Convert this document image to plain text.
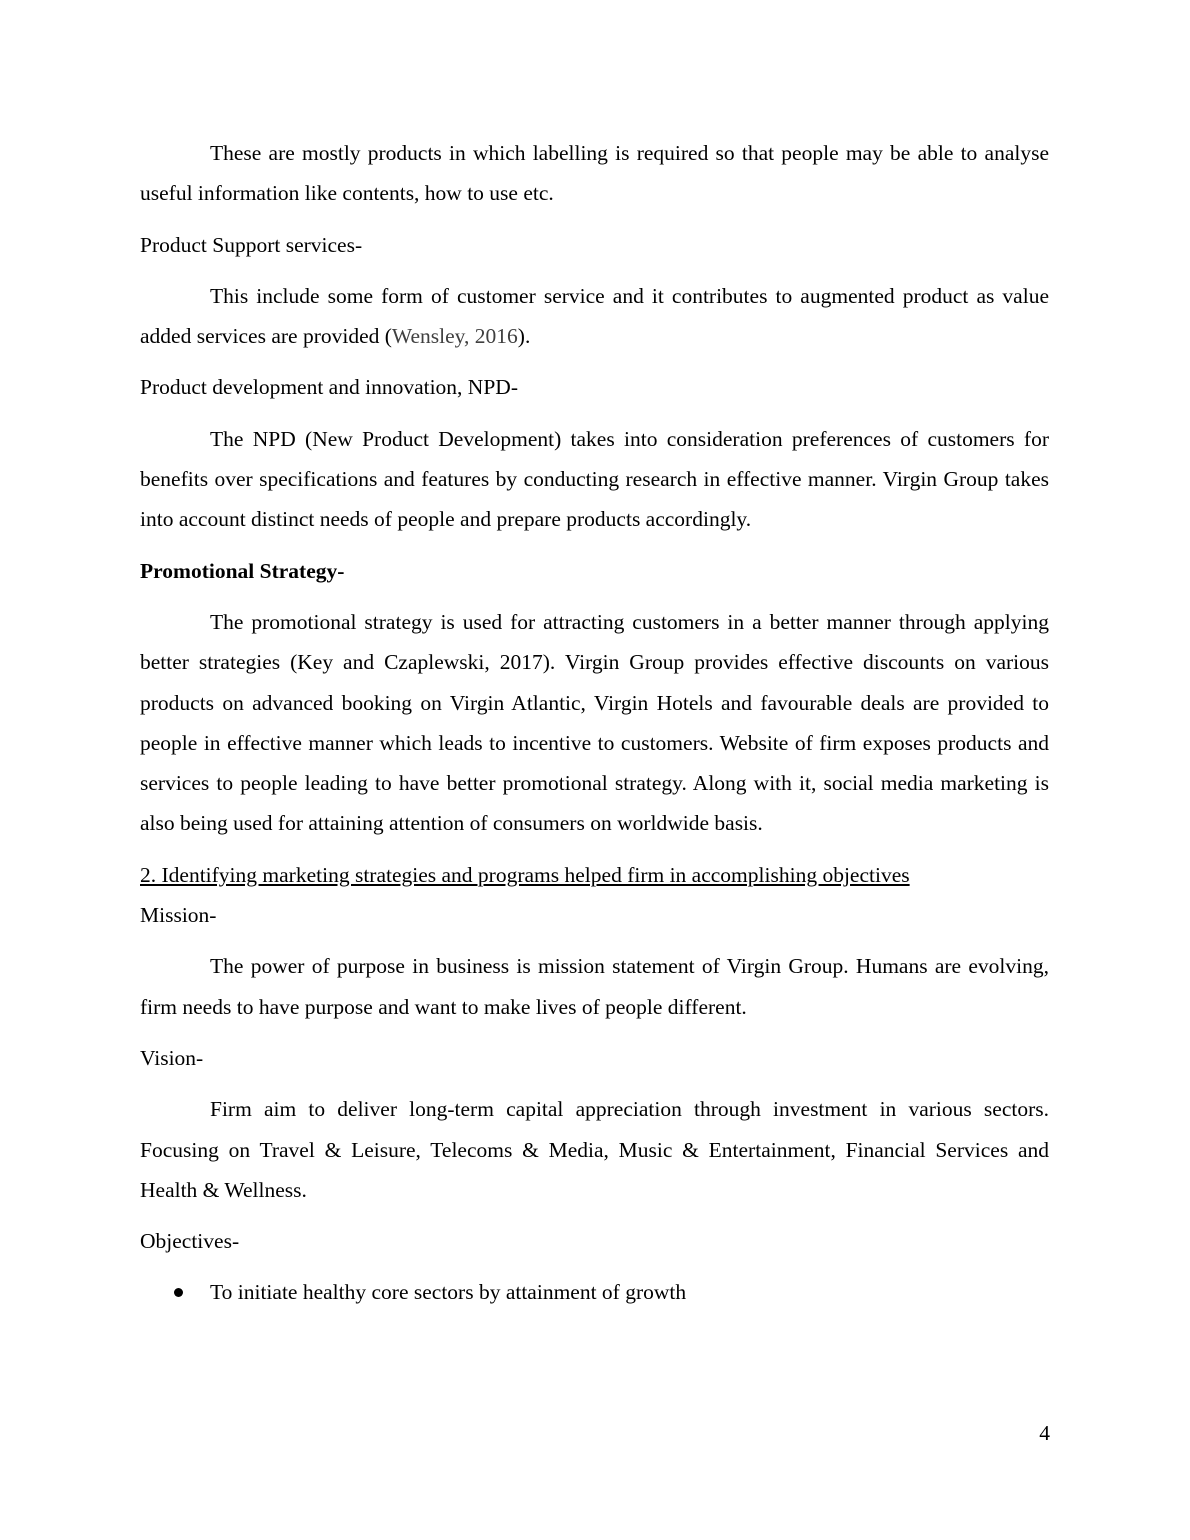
These are mostly products in which labelling is required so that people may be able to analyse useful information like contents, how to use etc.

Product Support services-

This include some form of customer service and it contributes to augmented product as value added services are provided (Wensley, 2016).

Product development and innovation, NPD-

The NPD (New Product Development) takes into consideration preferences of customers for benefits over specifications and features by conducting research in effective manner. Virgin Group takes into account distinct needs of people and prepare products accordingly.

Promotional Strategy-

The promotional strategy is used for attracting customers in a better manner through applying better strategies (Key and Czaplewski, 2017). Virgin Group provides effective discounts on various products on advanced booking on Virgin Atlantic, Virgin Hotels and favourable deals are provided to people in effective manner which leads to incentive to customers. Website of firm exposes products and services to people leading to have better promotional strategy. Along with it, social media marketing is also being used for attaining attention of consumers on worldwide basis.

2. Identifying marketing strategies and programs helped firm in accomplishing objectives

Mission-

The power of purpose in business is mission statement of Virgin Group. Humans are evolving, firm needs to have purpose and want to make lives of people different.

Vision-

Firm aim to deliver long-term capital appreciation through investment in various sectors. Focusing on Travel & Leisure, Telecoms & Media, Music & Entertainment, Financial Services and Health & Wellness.

Objectives-

To initiate healthy core sectors by attainment of growth
4
